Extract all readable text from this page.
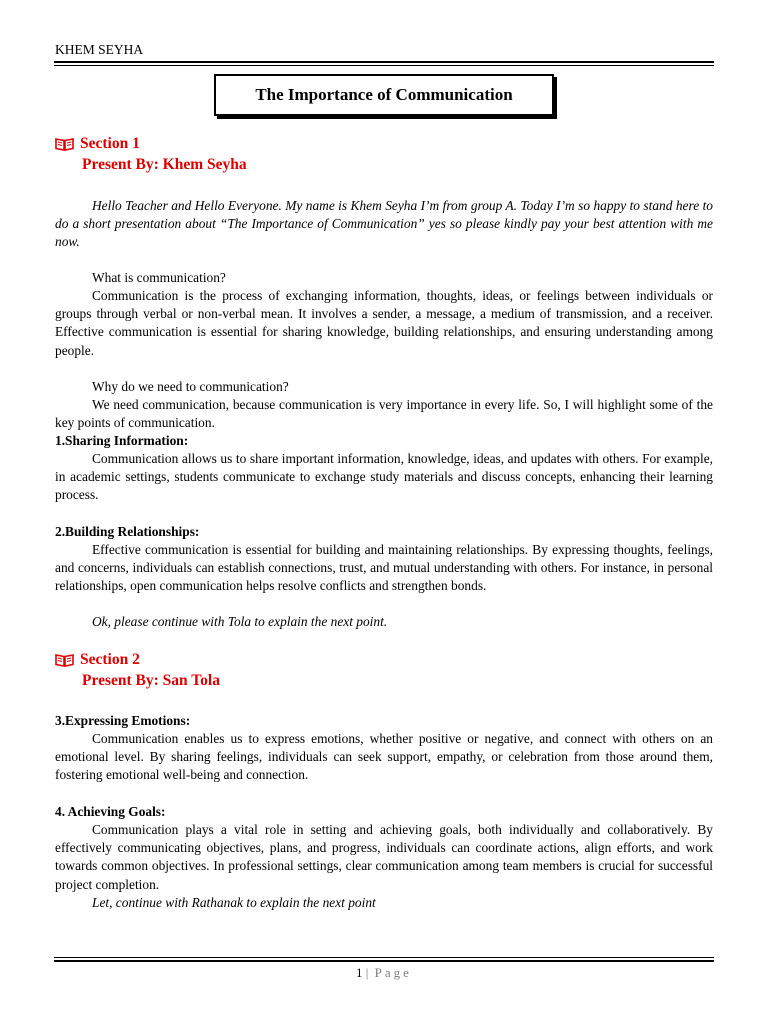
KHEM SEYHA
The Importance of Communication
Section 1
Present By: Khem Seyha
Hello Teacher and Hello Everyone. My name is Khem Seyha I’m from group A. Today I’m so happy to stand here to do a short presentation about “The Importance of Communication” yes so please kindly pay your best attention with me now.
What is communication?
Communication is the process of exchanging information, thoughts, ideas, or feelings between individuals or groups through verbal or non-verbal mean. It involves a sender, a message, a medium of transmission, and a receiver. Effective communication is essential for sharing knowledge, building relationships, and ensuring understanding among people.
Why do we need to communication?
We need communication, because communication is very importance in every life. So, I will highlight some of the key points of communication.
1.Sharing Information:
Communication allows us to share important information, knowledge, ideas, and updates with others. For example, in academic settings, students communicate to exchange study materials and discuss concepts, enhancing their learning process.
2.Building Relationships:
Effective communication is essential for building and maintaining relationships. By expressing thoughts, feelings, and concerns, individuals can establish connections, trust, and mutual understanding with others. For instance, in personal relationships, open communication helps resolve conflicts and strengthen bonds.
Ok, please continue with Tola to explain the next point.
Section 2
Present By: San Tola
3.Expressing Emotions:
Communication enables us to express emotions, whether positive or negative, and connect with others on an emotional level. By sharing feelings, individuals can seek support, empathy, or celebration from those around them, fostering emotional well-being and connection.
4. Achieving Goals:
Communication plays a vital role in setting and achieving goals, both individually and collaboratively. By effectively communicating objectives, plans, and progress, individuals can coordinate actions, align efforts, and work towards common objectives. In professional settings, clear communication among team members is crucial for successful project completion.
Let, continue with Rathanak to explain the next point
1 | Page
